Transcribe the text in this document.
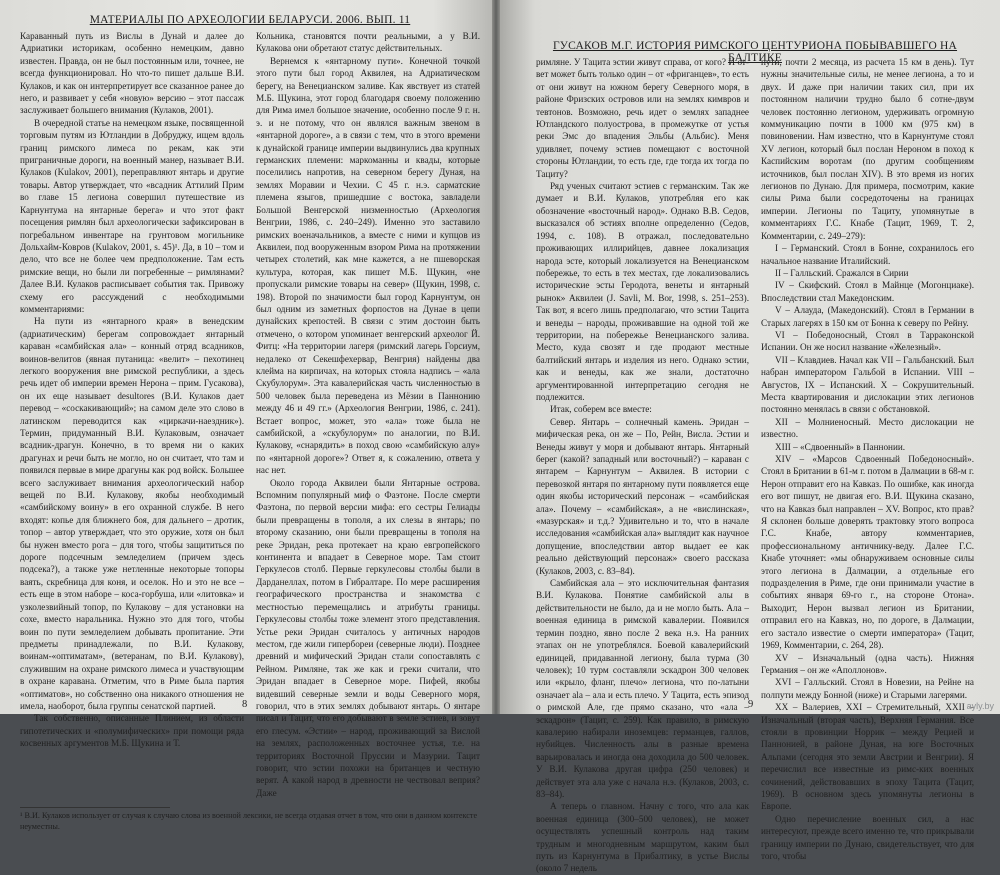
МАТЕРИАЛЫ ПО АРХЕОЛОГИИ БЕЛАРУСИ. 2006. ВЫП. 11

Караванный путь из Вислы в Дунай и далее до Адриатики историкам, особенно немецким, давно известен. Правда, он не был постоянным или, точнее, не всегда функционировал. Но что-то пишет дальше В.И. Кулаков, и как он интерпретирует все сказанное ранее до него, и развивает у себя «новую» версию – этот пассаж заслуживает большего внимания (Кулаков, 2001).

В очередной статье на немецком языке, посвященной торговым путям из Ютландии в Добруджу, ищем вдоль границ римского лимеса по рекам, как эти приграничные дороги, на военный манер, называет В.И. Кулаков (Kulakov, 2001), переправляют янтарь и другие товары. Автор утверждает, что «всадник Аттилий Прим во главе 15 легиона совершил путешествие из Карнунтума на янтарные берега» и что этот факт посещения римлян был археологически зафиксирован в погребальном инвентаре на грунтовом могильнике Дольхайм-Ковров (Kulakov, 2001, s. 45)¹. Да, в 10 – том и дело, что все не более чем предположение. Там есть римские вещи, но были ли погребенные – римлянами? Далее В.И. Кулаков расписывает события так. Привожу схему его рассуждений с необходимыми комментариями:

На пути из «янтарного края» в венедским (адриатическим) берегам сопровождает янтарный караван «самбийская ала» – конный отряд всадников, воинов-велитов (явная путаница: «велит» – пехотинец легкого вооружения вне римской республики, а здесь речь идет об империи времен Нерона – прим. Гусакова), он их еще называет desultores (В.И. Кулаков дает перевод – «соскакивающий»; на самом деле это слово в латинском переводится как «циркачи-наездник»). Термин, придуманный В.И. Кулаковым, означает всадник-драгун. Конечно, в то время ни о каких драгунах и речи быть не могло, но он считает, что там и появился первые в мире драгуны как род войск. Большее всего заслуживает внимания археологический набор вещей по В.И. Кулакову, якобы необходимый «самбийскому воину» в его охранной службе. В него входят: копье для ближнего боя, для дальнего – дротик, топор – автор утверждает, что это оружие, хотя он был бы нужен вместо рога – для того, чтобы защититься по дороге подсечным земледелием (причем здесь подсека?), а также уже нетленные некоторые топоры ваять, скребница для коня, и оселок. Но и это не все – есть еще в этом наборе – коса-горбуша, или «литовка» и узколезвийный топор, по Кулакову – для установки на сохе, вместо наральника. Нужно это для того, чтобы воин по пути земледелием добывать пропитание. Эти предметы принадлежали, по В.И. Кулакову, воинам-«оптиматам», (ветеранам, по В.И. Кулакову), служившим на охране римского лимеса и участвующим в охране каравана. Отметим, что в Риме была партия «оптиматов», но собственно она никакого отношения не имела, наоборот, была группы сенатской партией.

Так собственно, описанные Плинием, из области гипотетических и «полумифических» при помощи ряда косвенных аргументов М.Б. Щукина и Т.

Кольника, становятся почти реальными, а у В.И. Кулакова они обретают статус действительных.

Вернемся к «янтарному пути». Конечной точкой этого пути был город Аквилея, на Адриатическом берегу, на Венецианском заливе. Как явствует из статей М.Б. Щукина, этот город благодаря своему положению для Рима имел большое значение, особенно после 9 г. н. э. и не потому, что он являлся важным звеном в «янтарной дороге», а в связи с тем, что в этого времени к дунайской границе империи выдвинулись два крупных германских племени: маркоманны и квады, которые поселились напротив, на северном берегу Дуная, на землях Моравии и Чехии. С 45 г. н.э. сарматские племена языгов, пришедшие с востока, завладели Большой Венгерской низменностью (Археология Венгрии, 1986, с. 240–249). Именно это заставило римских военачальников, а вместе с ними и купцов из Аквилеи, под вооруженным взором Рима на протяжении четырех столетий, как мне кажется, а не пшеворская культура, которая, как пишет М.Б. Щукин, «не пропускали римские товары на север» (Щукин, 1998, с. 198). Второй по значимости был город Карнунтум, он был одним из заметных форпостов на Дунае в цепи дунайских крепостей. В связи с этим достоин быть отмечено, о котором упоминает венгерский археолог Й. Фитц: «На территории лагеря (римский лагерь Горсиум, недалеко от Секешфехервар, Венгрия) найдены два клейма на кирпичах, на которых стояла надпись – «ала Скубулорум». Эта кавалерийская часть численностью в 500 человек была переведена из Мёзии в Паннонию между 46 и 49 гг.» (Археология Венгрии, 1986, с. 241). Встает вопрос, может, это «ала» тоже была не самбийской, а «скубулорум» по аналогии, по В.И. Кулакову, «снарядить» в поход свою «самбийскую алу» по «янтарной дороге»? Ответ я, к сожалению, ответа у нас нет.

Около города Аквилеи были Янтарные острова. Вспомним популярный миф о Фаэтоне. После смерти Фаэтона, по первой версии мифа: его сестры Гелиады были превращены в тополя, а их слезы в янтарь; по второму сказанию, они были превращены в тополя на реке Эридан, река протекает на краю евгропейского континента и впадает в Северное море. Там стоит Геркулесов столб. Первые геркулесовы столбы были в Дарданеллах, потом в Гибралтаре. По мере расширения географического пространства и знакомства с местностью перемещались и атрибуты границы. Геркулесовы столбы тоже элемент этого представления. Устье реки Эридан считалось у античных народов местом, где жили гипербореи (северные люди). Позднее древний и мифический Эридан стали сопоставлять с Рейном. Римляне, так же как и греки считали, что Эридан впадает в Северное море. Пифей, якобы видевший северные земли и воды Северного моря, говорил, что в этих землях добывают янтарь. О янтаре писал и Тацит, что его добывают в земле эстиев, и зовут его глесум. «Эстии» – народ, проживающий за Вислой на землях, расположенных восточнее устья, т.е. на территориях Восточной Пруссии и Мазурии. Тацит говорит, что эстии похожи на британцев и честную верят. А какой народ в древности не чествовал веприя? Даже

¹ В.И. Кулаков использует от случая к случаю слова из военной лексики, не всегда отдавая отчет в том, что они в данном контексте неуместны.
8
ГУСАКОВ М.Г. ИСТОРИЯ РИМСКОГО ЦЕНТУРИОНА ПОБЫВАВШЕГО НА БАЛТИКЕ

римляне. У Тацита эстии живут справа, от кого? И от-вет может быть только один – от «фриганцев», то есть от они живут на южном берегу Северного моря, в районе Фризских островов или на землях кимвров и тевтонов. Возможно, речь идет о землях западнее Ютландского полуострова, в промежутке от устья реки Эмс до впадения Эльбы (Альбис). Меня удивляет, почему эстиев помещают с восточной стороны Ютландии, то есть где, где тогда их тогда по Тациту?

Ряд ученых считают эстиев с германским. Так же думает и В.И. Кулаков, употребляя его как обозначение «восточный народ». Однако В.В. Седов, высказался об эстиях вполне определенно (Седов, 1994, с. 108). В отражал, последовательно проживающих иллирийцев, давнее локализация народа эсте, который локализуется на Венецианском побережье, то есть в тех местах, где локализовались исторические эсты Геродота, венеты и янтарный рынок» Аквилеи (J. Savli, M. Bor, 1998, s. 251–253). Так вот, я всего лишь предполагаю, что эстии Тацита и венеды – народы, проживавшие на одной той же территории, на побережье Венецианского залива. Место, куда свозят и где продают местные балтийский янтарь и изделия из него. Однако эстии, как и венеды, как же знали, достаточно аргументированной интерпретацию сегодня не подлежится.

Итак, соберем все вместе:

Север. Янтарь – солнечный камень. Эридан – мифическая река, он же – По, Рейн, Висла. Эстии и Венеды живут у моря и добывают янтарь. Янтарный берег (какой? западный или восточный?) – караван с янтарем – Карнунтум – Аквилея. В истории с перевозкой янтаря по янтарному пути появляется еще один якобы исторический персонаж – «самбийская ала». Почему – «самбийская», а не «вислинская», «мазурская» и т.д.? Удивительно и то, что в начале исследования «самбийская ала» выглядит как научное допущение, впоследствии автор выдает ее как реально действующий персонаж» своего рассказа (Кулаков, 2003, с. 83–84).

Самбийская ала – это исключительная фантазия В.И. Кулакова. Понятие самбийской алы в действительности не было, да и не могло быть. Ала – военная единица в римской кавалерии. Появился термин поздно, явно после 2 века н.э. На ранних этапах он не употреблялся. Боевой кавалерийский единицей, придаванной легиону, была турма (30 человек); 10 турм составляли эскадрон 300 человек или «крыло, фланг, плечо» легиона, что по-латыни означает ala – ала и есть плечо. У Тацита, есть эпизод о римской Але, где прямо сказано, что «ала – эскадрон» (Тацит, с. 259). Как правило, в римскую кавалерию набирали иноземцев: германцев, галлов, нубийцев. Численность алы в разные времена варьировалась и иногда она доходила до 500 человек. У В.И. Кулакова другая цифра (250 человек) и действует эта ала уже с начала н.э. (Кулаков, 2003, с. 83–84).

А теперь о главном. Начну с того, что ала как военная единица (300–500 человек), не может осуществлять успешный контроль над таким трудным и многодневным маршрутом, каким был путь из Карнунтума в Прибалтику, в устье Вислы (около 7 недель

пути, почти 2 месяца, из расчета 15 км в день). Тут нужны значительные силы, не менее легиона, а то и двух. И даже при наличии таких сил, при их постоянном наличии трудно было б сотне-двум человек постоянно легионом, удерживать огромную коммуникацию почти в 1000 км (975 км) в повиновении. Нам известно, что в Карнунтуме стоял XV легион, который был послан Нероном в поход к Каспийским воротам (по другим сообщениям источников, был послан XIV). В это время из ногих легионов по Дунаю. Для примера, посмотрим, какие силы Рима были сосредоточены на границах империи. Легионы по Тациту, упомянутые в комментариях Г.С. Кнабе (Тацит, 1969, Т. 2, Комментарии, с. 249–279):

I – Германский. Стоял в Бонне, сохранилось его начальное название Италийский.
II – Галльский. Сражался в Сирии
IV – Скифский. Стоял в Майнце (Могонциаке). Впоследствии стал Македонским.
V – Алауда, (Македонский). Стоял в Германии в Старых лагерях в 150 км от Бонна к северу по Рейну.
VI – Победоносный, Стоял в Тарраконской Испании. Он же носил название «Железный».
VII – Клавдиев. Начал как VII – Гальбанский. Был набран императором Гальбой в Испании. VIII – Августов, IX – Испанский. X – Сокрушительный. Места квартирования и дислокации этих легионов постоянно менялась в связи с обстановкой.
XII – Молниеносный. Место дислокации не известно.
XIII – «Сдвоенный» в Паннонии.
XIV – «Марсов Сдвоенный Победоносный». Стоял в Британии в 61-м г. потом в Далмации в 68-м г. Нерон отправит его на Кавказ. По ошибке, как иногда его вот пишут, не двигая его. В.И. Щукина сказано, что на Кавказ был направлен – XV. Вопрос, кто прав? Я склонен больше доверять трактовку этого вопроса Г.С. Кнабе, автору комментариев, профессиональному античнику-веду. Далее Г.С. Кнабе уточняет: «мы обнаруживаем основные силы этого легиона в Далмации, а отдельные его подразделения в Риме, где они принимали участие в событиях января 69-го г., на стороне Отона». Выходит, Нерон вызвал легион из Британии, отправил его на Кавказ, но, по дороге, в Далмации, его застало известие о смерти императора» (Тацит, 1969, Комментарии, с. 264, 28).
XV – Изначальный (одна часть). Нижняя Германия – он же «Аполлонов».
XVI – Галльский. Стоял в Новезии, на Рейне на полпути между Бонной (ниже) и Старыми лагерями.
XX – Валериев, XXI – Стремительный, XXII – Изначальный (вторая часть), Верхняя Германия. Все стояли в провинции Норрик – между Рецией и Паннонией, в районе Дуная, на юге Восточных Альпами (сегодня это земли Австрии и Венгрии). Я перечислил все известные из римс-ких военных сочинений, действовавших в эпоху Тацита (Тацит, 1969). В основном здесь упомянуты легионы в Европе.

Одно перечисление военных сил, а нас интересуют, прежде всего именно те, что прикрывали границу империи по Дунаю, свидетельствует, что для того, чтобы

9	ayly.by
